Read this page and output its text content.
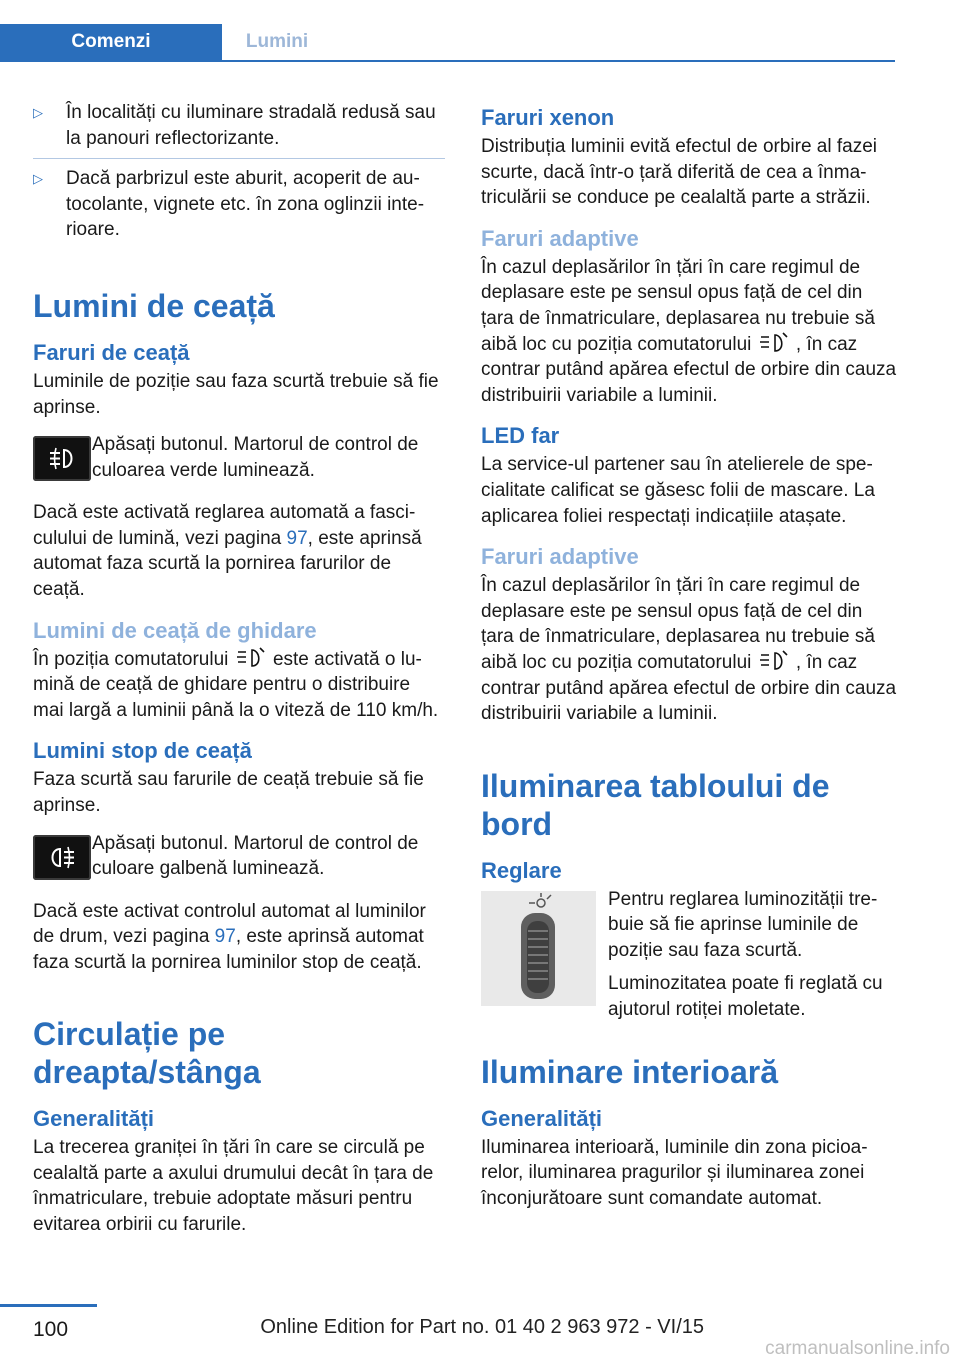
Comenzi	Lumini
▷ În localități cu iluminare stradală redusă sau la panouri reflectorizante.
▷ Dacă parbrizul este aburit, acoperit de au‐tocolante, vignete etc. în zona oglinzii inte‐rioare.
Lumini de ceață
Faruri de ceață

Luminile de poziție sau faza scurtă trebuie să fie aprinse.

Apăsați butonul. Martorul de control de culoarea verde luminează.

Dacă este activată reglarea automată a fasci‐culului de lumină, vezi pagina 97, este aprinsă automat faza scurtă la pornirea farurilor de ceață.

Lumini de ceață de ghidare

În poziția comutatorului  este activată o lu‐mină de ceață de ghidare pentru o distribuire mai largă a luminii până la o viteză de 110 km/h.

Lumini stop de ceață

Faza scurtă sau farurile de ceață trebuie să fie aprinse.

Apăsați butonul. Martorul de control de culoare galbenă luminează.

Dacă este activat controlul automat al luminilor de drum, vezi pagina 97, este aprinsă automat faza scurtă la pornirea luminilor stop de ceață.

Circulație pe dreapta/stânga
Generalități

La trecerea graniței în țări în care se circulă pe cealaltă parte a axului drumului decât în țara de înmatriculare, trebuie adoptate măsuri pentru evitarea orbirii cu farurile.

Faruri xenon

Distribuția luminii evită efectul de orbire al fazei scurte, dacă într-o țară diferită de cea a înma‐triculării se conduce pe cealaltă parte a străzii.

Faruri adaptive

În cazul deplasărilor în țări în care regimul de deplasare este pe sensul opus față de cel din țara de înmatriculare, deplasarea nu trebuie să aibă loc cu poziția comutatorului  , în caz contrar putând apărea efectul de orbire din cauza distribuirii variabile a luminii.

LED far

La service-ul partener sau în atelierele de spe‐cialitate calificat se găsesc folii de mascare. La aplicarea foliei respectați indicațiile atașate.

Faruri adaptive

În cazul deplasărilor în țări în care regimul de deplasare este pe sensul opus față de cel din țara de înmatriculare, deplasarea nu trebuie să aibă loc cu poziția comutatorului  , în caz contrar putând apărea efectul de orbire din cauza distribuirii variabile a luminii.

Iluminarea tabloului de bord
Reglare

Pentru reglarea luminozității tre‐buie să fie aprinse luminile de poziție sau faza scurtă.

Luminozitatea poate fi reglată cu ajutorul rotiței moletate.

Iluminare interioară
Generalități

Iluminarea interioară, luminile din zona picioa‐relor, iluminarea pragurilor și iluminarea zonei înconjurătoare sunt comandate automat.

100	Online Edition for Part no. 01 40 2 963 972 - VI/15
carmanualsonline.info
